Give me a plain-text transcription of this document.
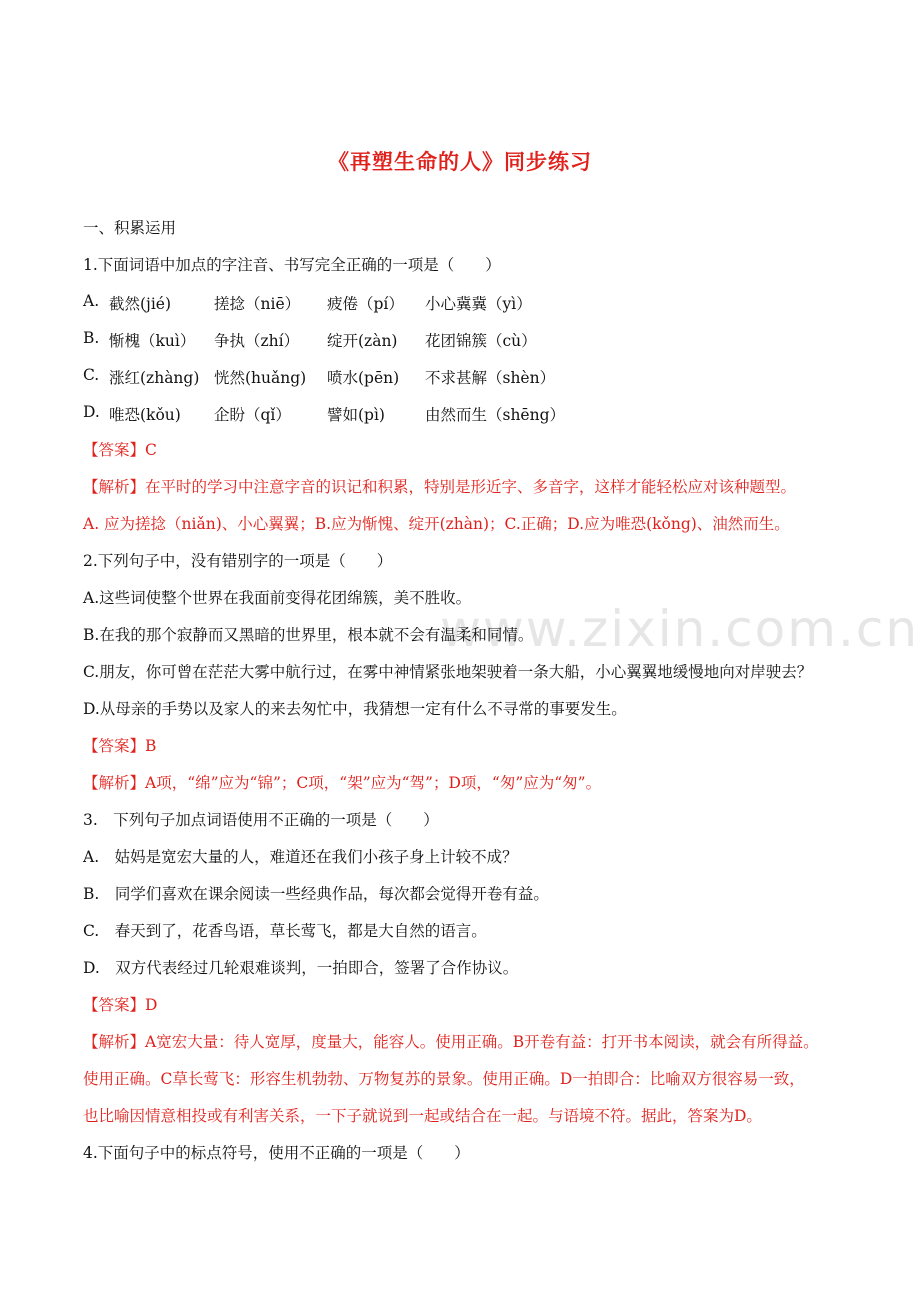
www.zixin.com.cn
《再塑生命的人》同步练习
一、积累运用
1.下面词语中加点的字注音、书写完全正确的一项是（　　）
A. 截然(jié)	搓捻（niē） 疲倦（pí） 小心冀冀（yì）
B. 惭槐（kuì） 争执（zhí） 绽开(zàn) 花团锦簇（cù）
C. 涨红(zhàng) 恍然(huǎng) 喷水(pēn) 不求甚解（shèn）
D. 唯恐(kǒu) 企盼（qǐ） 譬如(pì)	由然而生（shēng）
【答案】C
【解析】在平时的学习中注意字音的识记和积累，特别是形近字、多音字，这样才能轻松应对该种题型。
A. 应为搓捻（niǎn)、小心翼翼；B.应为惭愧、绽开(zhàn)；C.正确；D.应为唯恐(kǒng)、油然而生。
2.下列句子中，没有错别字的一项是（　　）
A.这些词使整个世界在我面前变得花团绵簇，美不胜收。
B.在我的那个寂静而又黑暗的世界里，根本就不会有温柔和同情。
C.朋友，你可曾在茫茫大雾中航行过，在雾中神情紧张地架驶着一条大船，小心翼翼地缓慢地向对岸驶去？
D.从母亲的手势以及家人的来去匆忙中，我猜想一定有什么不寻常的事要发生。
【答案】B
【解析】A项，“绵”应为“锦”；C项，“架”应为“驾”；D项，“匆”应为“匆”。
3.　下列句子加点词语使用不正确的一项是（　　）
A.　姑妈是宽宏大量的人，难道还在我们小孩子身上计较不成？
B.　同学们喜欢在课余阅读一些经典作品，每次都会觉得开卷有益。
C.　春天到了，花香鸟语，草长莺飞，都是大自然的语言。
D.　双方代表经过几轮艰难谈判，一拍即合，签署了合作协议。
【答案】D
【解析】A宽宏大量：待人宽厚，度量大，能容人。使用正确。B开卷有益：打开书本阅读，就会有所得益。
使用正确。C草长莺飞：形容生机勃勃、万物复苏的景象。使用正确。D一拍即合：比喻双方很容易一致，
也比喻因情意相投或有利害关系，一下子就说到一起或结合在一起。与语境不符。据此，答案为D。
4.下面句子中的标点符号，使用不正确的一项是（　　）
